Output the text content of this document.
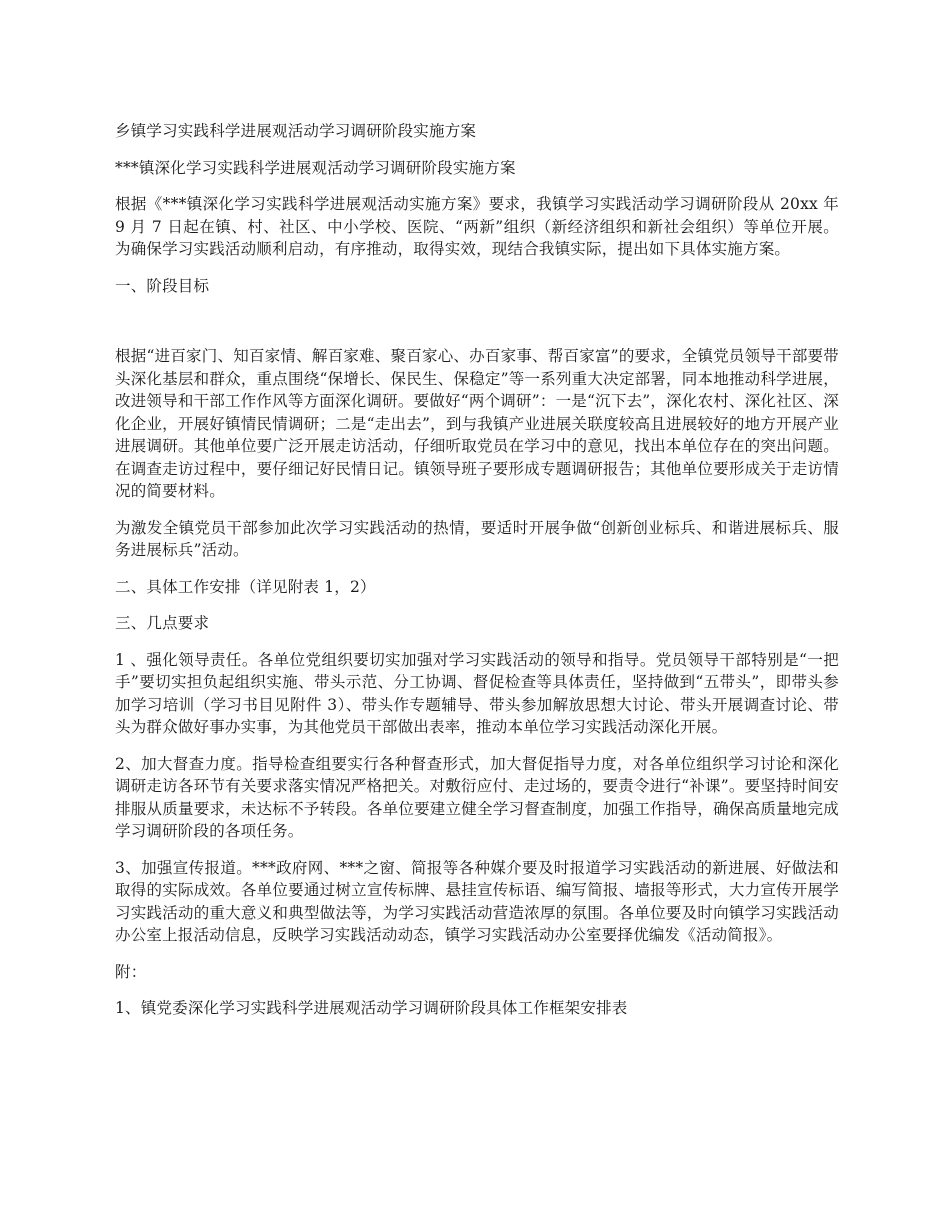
乡镇学习实践科学进展观活动学习调研阶段实施方案

***镇深化学习实践科学进展观活动学习调研阶段实施方案

根据《***镇深化学习实践科学进展观活动实施方案》要求，我镇学习实践活动学习调研阶段从 20xx 年 9 月 7 日起在镇、村、社区、中小学校、医院、“两新”组织（新经济组织和新社会组织）等单位开展。为确保学习实践活动顺利启动，有序推动，取得实效，现结合我镇实际，提出如下具体实施方案。

一、阶段目标

根据“进百家门、知百家情、解百家难、聚百家心、办百家事、帮百家富”的要求，全镇党员领导干部要带头深化基层和群众，重点围绕“保增长、保民生、保稳定”等一系列重大决定部署，同本地推动科学进展，改进领导和干部工作作风等方面深化调研。要做好“两个调研”：一是“沉下去”，深化农村、深化社区、深化企业，开展好镇情民情调研；二是“走出去”，到与我镇产业进展关联度较高且进展较好的地方开展产业进展调研。其他单位要广泛开展走访活动，仔细听取党员在学习中的意见，找出本单位存在的突出问题。在调查走访过程中，要仔细记好民情日记。镇领导班子要形成专题调研报告；其他单位要形成关于走访情况的简要材料。

为激发全镇党员干部参加此次学习实践活动的热情，要适时开展争做“创新创业标兵、和谐进展标兵、服务进展标兵”活动。

二、具体工作安排（详见附表 1，2）

三、几点要求

1 、强化领导责任。各单位党组织要切实加强对学习实践活动的领导和指导。党员领导干部特别是“一把手”要切实担负起组织实施、带头示范、分工协调、督促检查等具体责任，坚持做到“五带头”，即带头参加学习培训（学习书目见附件 3）、带头作专题辅导、带头参加解放思想大讨论、带头开展调查讨论、带头为群众做好事办实事，为其他党员干部做出表率，推动本单位学习实践活动深化开展。

2、加大督查力度。指导检查组要实行各种督查形式，加大督促指导力度，对各单位组织学习讨论和深化调研走访各环节有关要求落实情况严格把关。对敷衍应付、走过场的，要责令进行“补课”。要坚持时间安排服从质量要求，未达标不予转段。各单位要建立健全学习督查制度，加强工作指导，确保高质量地完成学习调研阶段的各项任务。

3、加强宣传报道。***政府网、***之窗、简报等各种媒介要及时报道学习实践活动的新进展、好做法和取得的实际成效。各单位要通过树立宣传标牌、悬挂宣传标语、编写简报、墙报等形式，大力宣传开展学习实践活动的重大意义和典型做法等，为学习实践活动营造浓厚的氛围。各单位要及时向镇学习实践活动办公室上报活动信息，反映学习实践活动动态，镇学习实践活动办公室要择优编发《活动简报》。

附：

1、镇党委深化学习实践科学进展观活动学习调研阶段具体工作框架安排表
